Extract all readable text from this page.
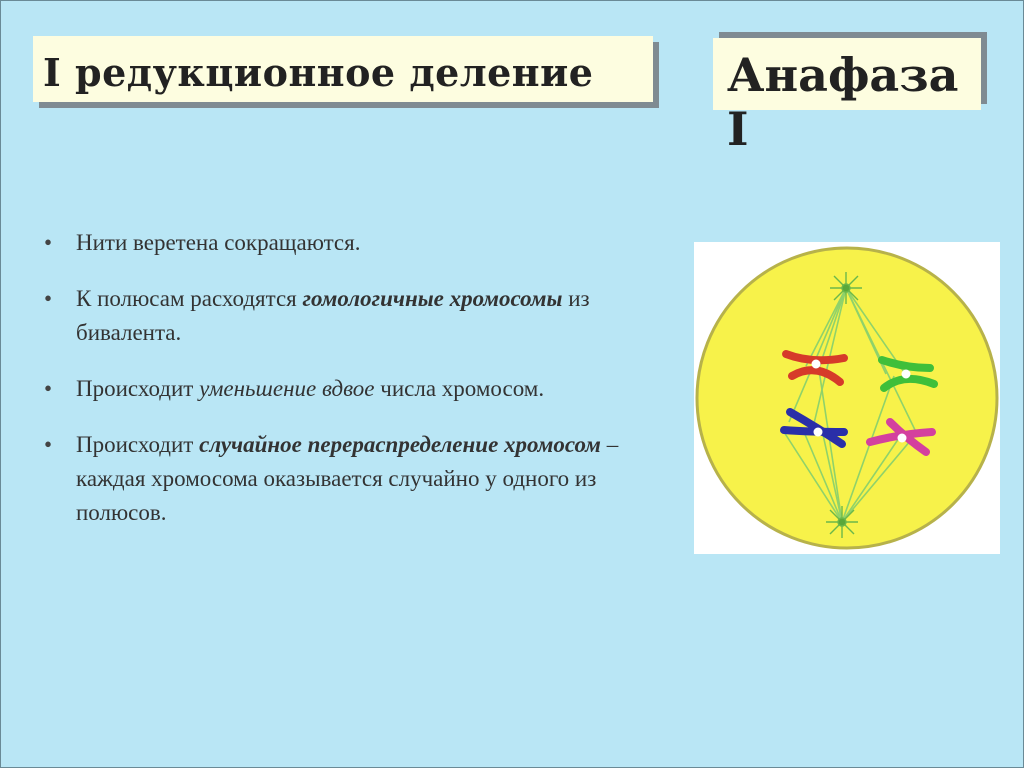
I редукционное деление	Анафаза I
• Нити веретена сокращаются.
• К полюсам расходятся гомологичные хромосомы из бивалента.
• Происходит уменьшение вдвое числа хромосом.
• Происходит случайное перераспределение хромосом – каждая хромосома оказывается случайно у одного из полюсов.
